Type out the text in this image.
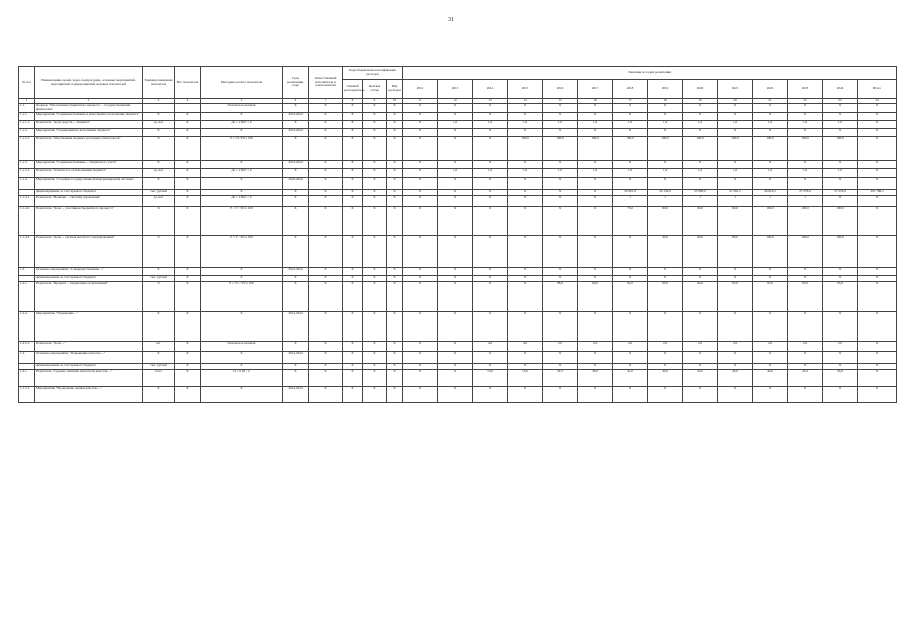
31
№ п/п	Наименование целей, задач, подпрограмм, основных мероприятий, мероприятий, подмероприятий, целевых показателей	Единица измерения показателя	Вес показателя	Методика расчета показателя	Срок реализации, годы	Ответственный исполнитель и соисполнители	Коды бюджетной классификации расходов			Значения по годам реализации													
							Главный распорядитель	Целевая статья	Вид расходов	2012	2013	2014	2015	2016	2017	2018	2019	2020	2021	2022	2023	2024	Итого
1	2	3	4	5	6	7	8	9	10	11	12	13	14	15	16	17	18	19	20	21	22	23	24
1.1.	Подцель "Обеспечение бюджетного процесса ... государственными финансами"			Показатель целевой	X	X	X	X	X	X	X	X	X	X	X	X	X	X	X	X	X	X	X
1.1.1.	Мероприятие "Совершенствование и качественное исполнение бюджета"	X	X	X	2014-2024	X	X	X	X	X	X	X	X	X	X	X	X	X	X	X	X	X	X
1.1.1.1.	Показатель "Доля средств ... бюджета"	да, нет	X	Да = 1 Нет = 0	X	X	X	X	X	X	1,0	1,0	1,0	1,0	1,0	1,0	1,0	1,0	1,0	1,0	1,0	1,0	X
1.1.2.	Мероприятие "Своевременное исполнение бюджета"	X	X	X	2014-2024	X	X	X	X	X	X	X	X	X	X	X	X	X	X	X	X	X	X
1.1.2.1.	Показатель "Обеспечение сводных расходных обязательств"	%	X	Р = V1/V0 x 100	X	X	X	X	X	X	X	X	100,0	100,0	100,0	100,0	100,0	100,0	100,0	100,0	100,0	100,0	X
1.1.3.	Мероприятие "Совершенствование ... бюджетного учета"	X	X	X	2014-2024	X	X	X	X	X	X	X	X	X	X	X	X	X	X	X	X	X	X
1.1.3.1.	Показатель "Отчетность об исполнении бюджета"	да, нет	X	Да = 1 Нет = 0	X	X	X	X	X	X	1,0	1,0	1,0	1,0	1,0	1,0	1,0	1,0	1,0	1,0	1,0	1,0	X
1.1.4.	Мероприятие "Создание государственной информационной системы"	X	X	X	2016-2024	X	X	X	X	X	X	X	X	X	X	X	X	X	X	X	X	X	X
	финансирование за счет краевого бюджета	тыс. рублей	X	X	X	X	X	X	X	X	X	X	X	X	X	45 891,8	29 134,6	25 983,0	27 281,5	26 616,5	27 276,6	27 276,6	291 786,2
1.1.4.1.	Показатель "Наличие ... системы управления"	да, нет	X	Да = 1 Нет = 0	X	X	X	X	X	X	X	X	X	X	X	1	1	1	1	1	1	X	X
1.1.4.2.	Показатель "Доля ... участников бюджетного процесса"	%	X	Р = Т / ТО x 100	X	X	X	X	X	X	X	X	X	X	X	75,0	90,0	99,0	99,0	100,0	100,0	100,0	X
1.1.4.3.	Показатель "Доля ... органов местного самоуправления"	%	X	Р = Т / ТО x 100	X	X	X	X	X	X	X	X	X	X	X	X	40,0	60,0	80,0	100,0	100,0	100,0	X
1.2.	Основное мероприятие "Совершенствование ..."	X	X	X	2014-2024	X	X	X	X	X	X	X	X	X	X	X	X	X	X	X	X	X	X
	финансирование за счет краевого бюджета	тыс. рублей	X	X	X	X	X	X	X	X	X	X	X	X	X	X	X	X	X	X	X	X	X
1.2.1.	Показатель "Процент ... бюджетных ассигнований"	%	X	Р = V1 / V0 x 100	X	X	X	X	X	X	X	X	X	88,0	90,0	92,0	93,0	94,0	95,0	95,0	95,0	95,0	X
1.2.2.	Мероприятие "Управление ..."	X	X	X	2014-2024	X	X	X	X	X	X	X	X	X	X	X	X	X	X	X	X	X	X
1.2.2.1.	Показатель "Доля ..."	шт	X	Показатель целевой	X	X	X	X	X	X	X	4,0	4,0	2,0	2,0	2,0	2,0	2,0	2,0	2,0	2,0	2,0	X
1.3.	Основное мероприятие "Повышение качества ..."	X	X	X	2014-2024	X	X	X	X	X	X	X	X	X	X	X	X	X	X	X	X	X	X
	финансирование за счет краевого бюджета	тыс. рублей	X	X	X	X	X	X	X	X	X	X	X	X	X	X	X	X	X	X	X	X	X
1.3.1.	Показатель "Среднее значение показателя качества ..."	балл	X	П = Σ Пi / n	X	X	X	X	X	X	X	13,0	15,0	32,5	39,0	41,0	42,0	43,0	43,0	44,0	45,0	45,0	X
1.1.3.1.	Мероприятие "Проведение оценки качества ..."	X	X	X	2014-2024	X	X	X	X	X	X	X	X	X	X	X	X	X	X	X	X	X	X
